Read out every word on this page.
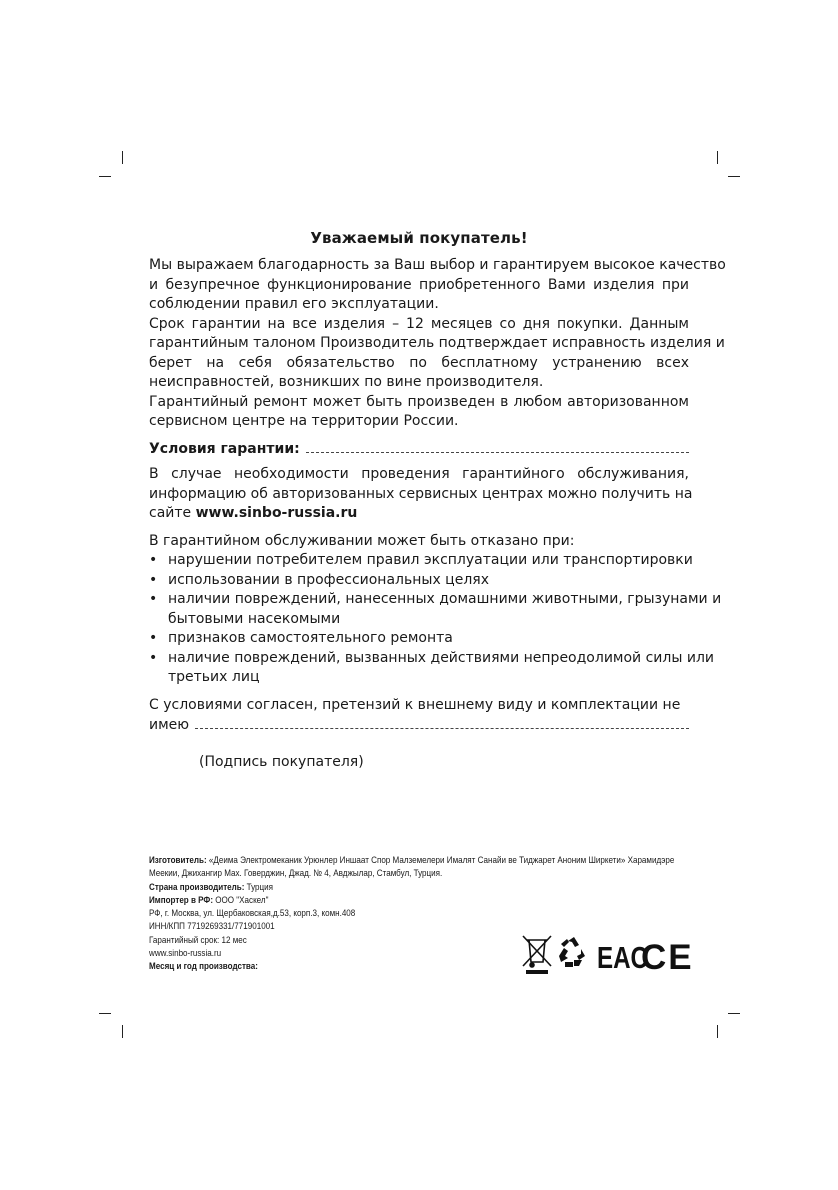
Уважаемый покупатель!
Мы выражаем благодарность за Ваш выбор и гарантируем высокое качество
и безупречное функционирование приобретенного Вами изделия при
соблюдении правил его эксплуатации.
Срок гарантии на все изделия – 12 месяцев со дня покупки. Данным
гарантийным талоном Производитель подтверждает исправность изделия и
берет на себя обязательство по бесплатному устранению всех
неисправностей, возникших по вине производителя.
Гарантийный ремонт может быть произведен в любом авторизованном
сервисном центре на территории России.
Условия гарантии:
В случае необходимости проведения гарантийного обслуживания,
информацию об авторизованных сервисных центрах можно получить на
сайте www.sinbo-russia.ru
В гарантийном обслуживании может быть отказано при:
• нарушении потребителем правил эксплуатации или транспортировки
• использовании в профессиональных целях
• наличии повреждений, нанесенных домашними животными, грызунами и
бытовыми насекомыми
• признаков самостоятельного ремонта
• наличие повреждений, вызванных действиями непреодолимой силы или
третьих лиц
С условиями согласен, претензий к внешнему виду и комплектации не
имею
(Подпись покупателя)
Изготовитель: «Деима Электромеканик Урюнлер Иншаат Спор Малземелери Ималят Санайи ве Тиджарет Аноним Ширкети» Харамидэре
Меекии, Джихангир Мах. Говерджин, Джад. № 4, Авджылар, Стамбул, Турция.
Страна производитель: Турция
Импортер в РФ: ООО "Хаскел"
РФ, г. Москва, ул. Щербаковская,д.53, корп.3, комн.408
ИНН/КПП 7719269331/771901001
Гарантийный срок: 12 мес
www.sinbo-russia.ru
Месяц и год производства:	EAC
CE
